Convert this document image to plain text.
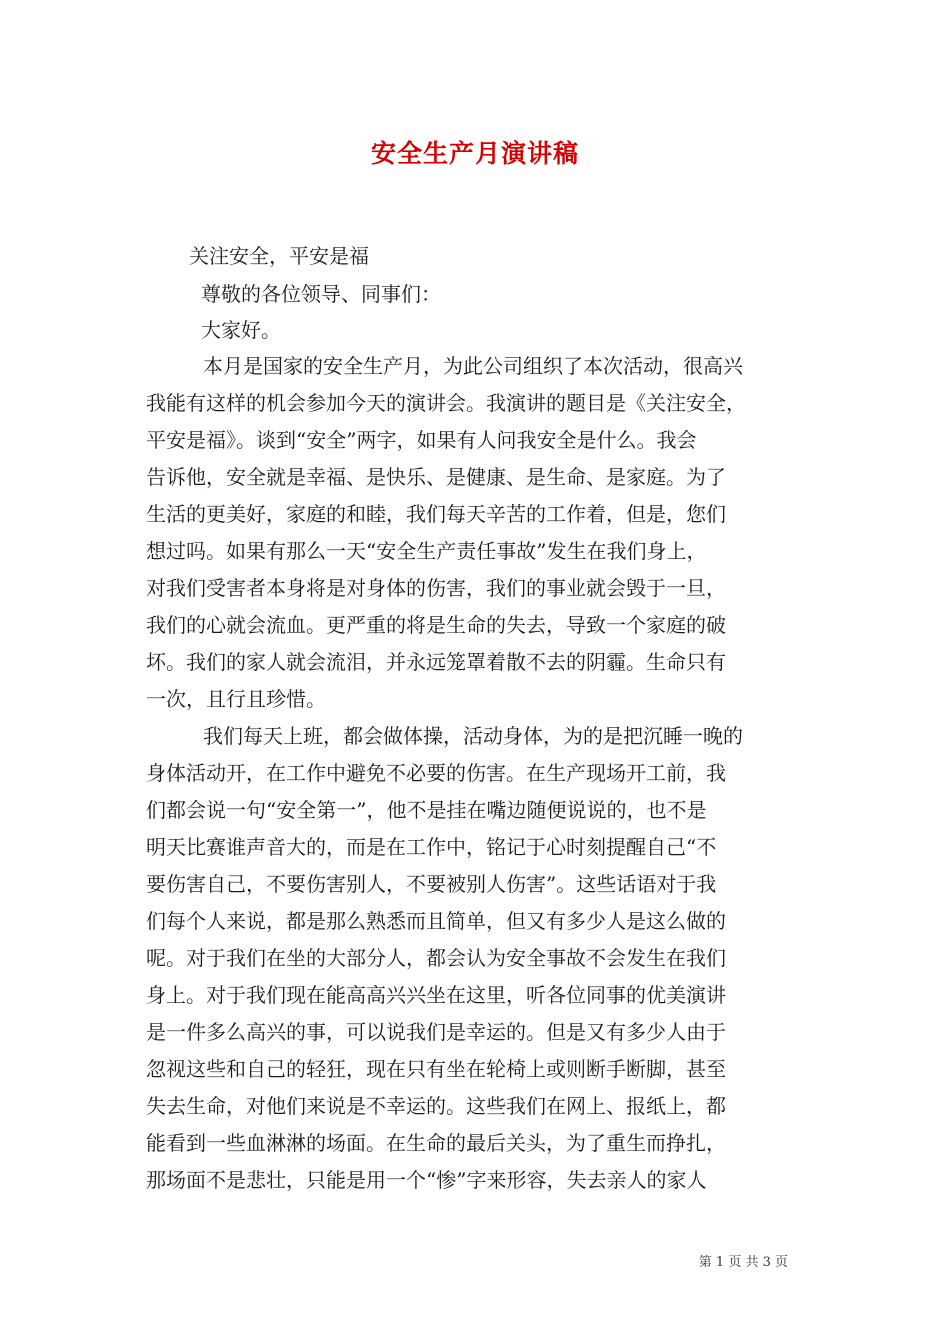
安全生产月演讲稿
关注安全，平安是福
尊敬的各位领导、同事们：
大家好。
本月是国家的安全生产月，为此公司组织了本次活动，很高兴
我能有这样的机会参加今天的演讲会。我演讲的题目是《关注安全，
平安是福》。谈到“安全”两字，如果有人问我安全是什么。我会
告诉他，安全就是幸福、是快乐、是健康、是生命、是家庭。为了
生活的更美好，家庭的和睦，我们每天辛苦的工作着，但是，您们
想过吗。如果有那么一天“安全生产责任事故”发生在我们身上，
对我们受害者本身将是对身体的伤害，我们的事业就会毁于一旦，
我们的心就会流血。更严重的将是生命的失去，导致一个家庭的破
坏。我们的家人就会流泪，并永远笼罩着散不去的阴霾。生命只有
一次，且行且珍惜。
我们每天上班，都会做体操，活动身体，为的是把沉睡一晚的
身体活动开，在工作中避免不必要的伤害。在生产现场开工前，我
们都会说一句“安全第一”，他不是挂在嘴边随便说说的，也不是
明天比赛谁声音大的，而是在工作中，铭记于心时刻提醒自己“不
要伤害自己，不要伤害别人，不要被别人伤害”。这些话语对于我
们每个人来说，都是那么熟悉而且简单，但又有多少人是这么做的
呢。对于我们在坐的大部分人，都会认为安全事故不会发生在我们
身上。对于我们现在能高高兴兴坐在这里，听各位同事的优美演讲
是一件多么高兴的事，可以说我们是幸运的。但是又有多少人由于
忽视这些和自己的轻狂，现在只有坐在轮椅上或则断手断脚，甚至
失去生命，对他们来说是不幸运的。这些我们在网上、报纸上，都
能看到一些血淋淋的场面。在生命的最后关头，为了重生而挣扎，
那场面不是悲壮，只能是用一个“惨”字来形容，失去亲人的家人
第 1 页 共 3 页
